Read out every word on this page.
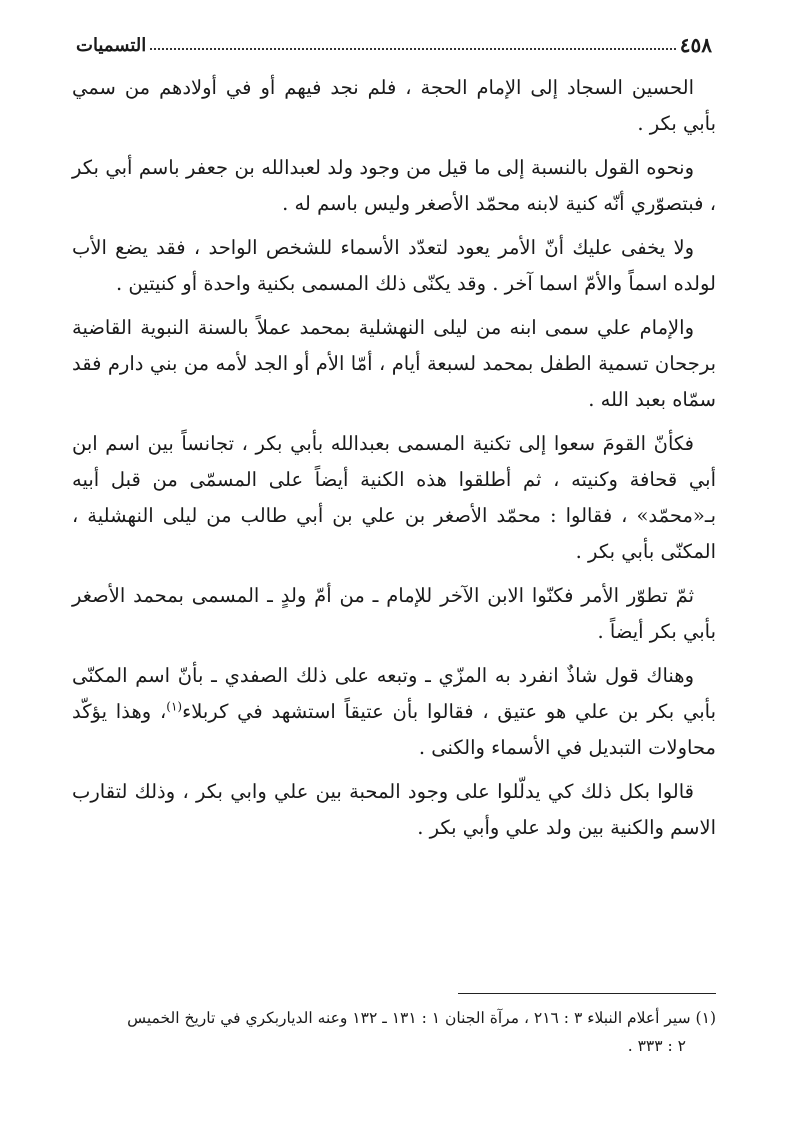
٤٥٨
التسميات

الحسين السجاد إلى الإمام الحجة ، فلم نجد فيهم أو في أولادهم من سمي بأبي بكر .

ونحوه القول بالنسبة إلى ما قيل من وجود ولد لعبدالله بن جعفر باسم أبي بكر ، فبتصوّري أنّه كنية لابنه محمّد الأصغر وليس باسم له .

ولا يخفى عليك أنّ الأمر يعود لتعدّد الأسماء للشخص الواحد ، فقد يضع الأب لولده اسماً والأمّ اسما آخر . وقد يكنّى ذلك المسمى بكنية واحدة أو كنيتين .

والإمام علي سمى ابنه من ليلى النهشلية بمحمد عملاً بالسنة النبوية القاضية برجحان تسمية الطفل بمحمد لسبعة أيام ، أمّا الأم أو الجد لأمه من بني دارم فقد سمّاه بعبد الله .

فكأنّ القومَ سعوا إلى تكنية المسمى بعبدالله بأبي بكر ، تجانساً بين اسم ابن أبي قحافة وكنيته ، ثم أطلقوا هذه الكنية أيضاً على المسمّى من قبل أبيه بـ«محمّد» ، فقالوا : محمّد الأصغر بن علي بن أبي طالب من ليلى النهشلية ، المكنّى بأبي بكر .

ثمّ تطوّر الأمر فكنّوا الابن الآخر للإمام ـ من أمّ ولدٍ ـ المسمى بمحمد الأصغر بأبي بكر أيضاً .

وهناك قول شاذٌ انفرد به المزّي ـ وتبعه على ذلك الصفدي ـ بأنّ اسم المكنّى بأبي بكر بن علي هو عتيق ، فقالوا بأن عتيقاً استشهد في كربلاء$^{(١)}$، وهذا يؤكّد محاولات التبديل في الأسماء والكنى .

قالوا بكل ذلك كي يدلّلوا على وجود المحبة بين علي وابي بكر ، وذلك لتقارب الاسم والكنية بين ولد علي وأبي بكر .

(١) سير أعلام النبلاء ٣ : ٢١٦ ، مرآة الجنان ١ : ١٣١ ـ ١٣٢ وعنه الدياربكري في تاريخ الخميس
٢ : ٣٣٣ .
